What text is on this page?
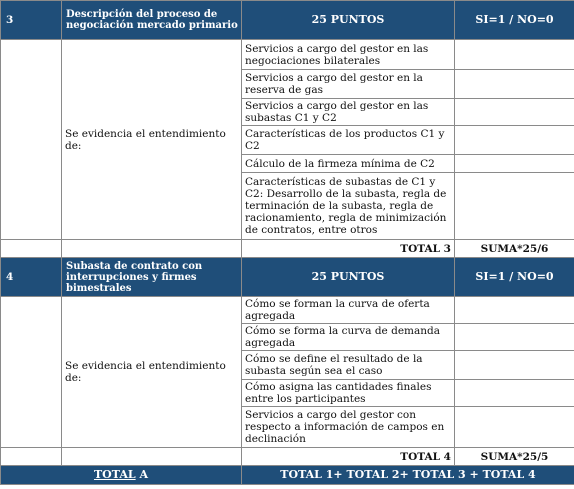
3	Descripción del proceso de negociación mercado primario	25 PUNTOS	SI=1 / NO=0
	Se evidencia el entendimiento de:	Servicios a cargo del gestor en las negociaciones bilaterales	
		Servicios a cargo del gestor en la reserva de gas	
		Servicios a cargo del gestor en las subastas C1 y C2	
		Características de los productos C1 y C2	
		Cálculo de la firmeza mínima de C2	
		Características de subastas de C1 y C2: Desarrollo de la subasta, regla de terminación de la subasta, regla de racionamiento, regla de minimización de contratos, entre otros	
		TOTAL 3	SUMA*25/6
4	Subasta de contrato con interrupciones y firmes bimestrales	25 PUNTOS	SI=1 / NO=0
	Se evidencia el entendimiento de:	Cómo se forman la curva de oferta agregada	
		Cómo se forma la curva de demanda agregada	
		Cómo se define el resultado de la subasta según sea el caso	
		Cómo asigna las cantidades finales entre los participantes	
		Servicios a cargo del gestor con respecto a información de campos en declinación	
		TOTAL 4	SUMA*25/5
TOTAL A		TOTAL 1+ TOTAL 2+ TOTAL 3 + TOTAL 4	
